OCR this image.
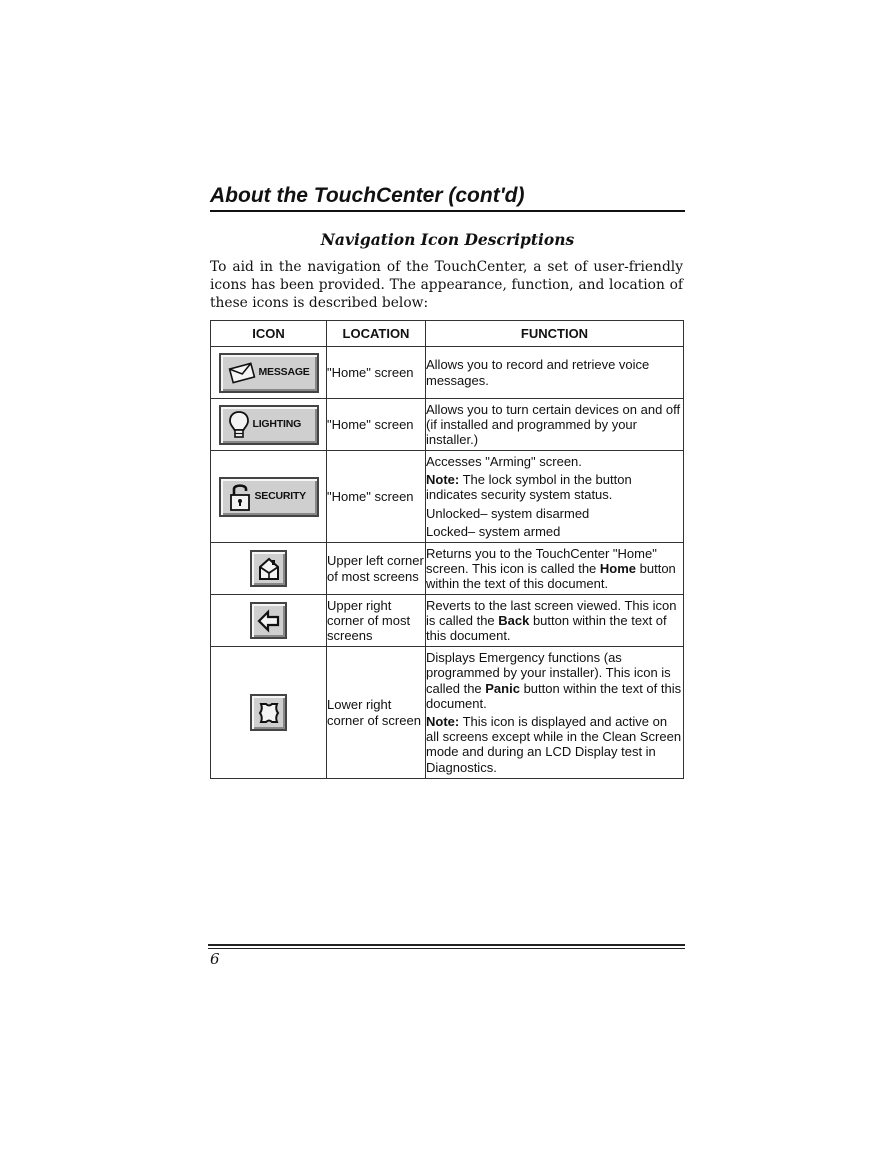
About the TouchCenter (cont'd)
Navigation Icon Descriptions

To aid in the navigation of the TouchCenter, a set of user-friendly icons has been provided. The appearance, function, and location of these icons is described below:

ICON	LOCATION	FUNCTION

MESSAGE	"Home" screen	Allows you to record and retrieve voice messages.

LIGHTING	"Home" screen	Allows you to turn certain devices on and off (if installed and programmed by your installer.)

SECURITY	"Home" screen	Accesses "Arming" screen.

Note: The lock symbol in the button indicates security system status.

Unlocked– system disarmed

Locked– system armed

	Upper left corner of most screens	Returns you to the TouchCenter "Home" screen. This icon is called the Home button within the text of this document.

	Upper right corner of most screens	Reverts to the last screen viewed. This icon is called the Back button within the text of this document.

	Lower right corner of screen	Displays Emergency functions (as programmed by your installer). This icon is called the Panic button within the text of this document.

Note: This icon is displayed and active on all screens except while in the Clean Screen mode and during an LCD Display test in Diagnostics.

6
